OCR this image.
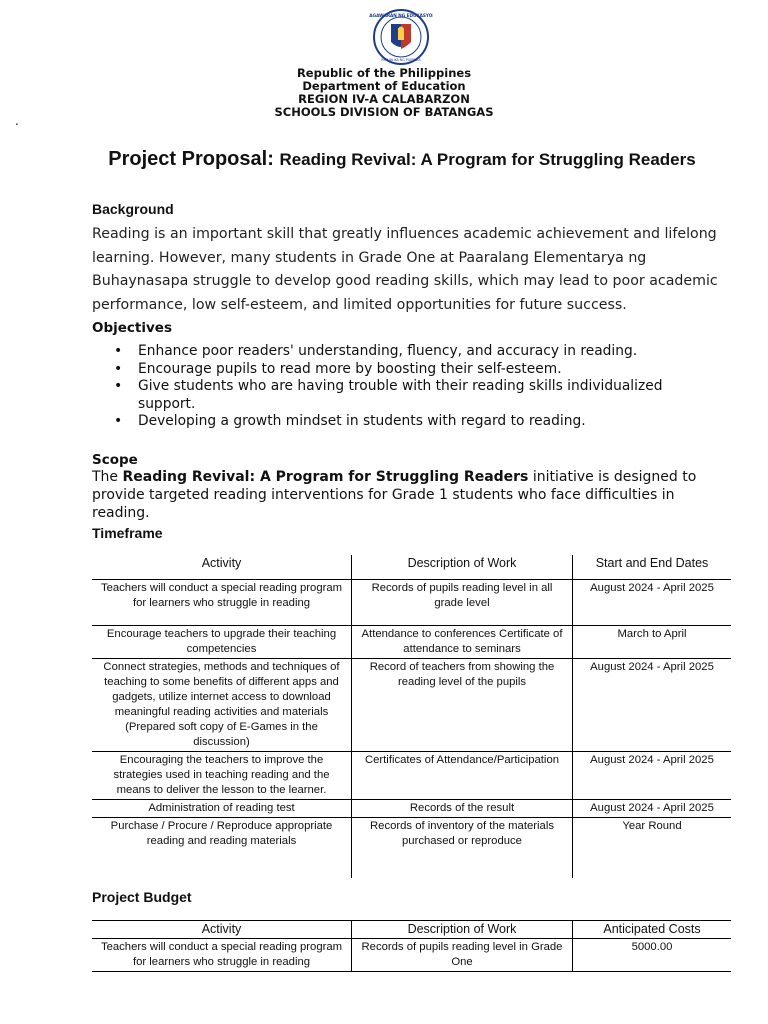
KAGAWARAN NG EDUKASYON
REPUBLIKA NG PILIPINAS
Republic of the Philippines
Department of Education
REGION IV-A CALABARZON
SCHOOLS DIVISION OF BATANGAS
.
Project Proposal: Reading Revival: A Program for Struggling Readers
Background
Reading is an important skill that greatly influences academic achievement and lifelong learning. However, many students in Grade One at Paaralang Elementarya ng Buhaynasapa struggle to develop good reading skills, which may lead to poor academic performance, low self-esteem, and limited opportunities for future success.
Objectives
• Enhance poor readers' understanding, fluency, and accuracy in reading.
• Encourage pupils to read more by boosting their self-esteem.
• Give students who are having trouble with their reading skills individualized support.
• Developing a growth mindset in students with regard to reading.
Scope
The Reading Revival: A Program for Struggling Readers initiative is designed to provide targeted reading interventions for Grade 1 students who face difficulties in reading.
Timeframe
Activity	Description of Work	Start and End Dates
Teachers will conduct a special reading program for learners who struggle in reading	Records of pupils reading level in all grade level	August 2024 - April 2025
Encourage teachers to upgrade their teaching competencies	Attendance to conferences Certificate of attendance to seminars	March to April
Connect strategies, methods and techniques of teaching to some benefits of different apps and gadgets, utilize internet access to download meaningful reading activities and materials (Prepared soft copy of E-Games in the discussion)	Record of teachers from showing the reading level of the pupils	August 2024 - April 2025
Encouraging the teachers to improve the strategies used in teaching reading and the means to deliver the lesson to the learner.	Certificates of Attendance/Participation	August 2024 - April 2025
Administration of reading test	Records of the result	August 2024 - April 2025
Purchase / Procure / Reproduce appropriate reading and reading materials	Records of inventory of the materials purchased or reproduce	Year Round
Project Budget
Activity	Description of Work	Anticipated Costs
Teachers will conduct a special reading program for learners who struggle in reading	Records of pupils reading level in Grade One	5000.00
